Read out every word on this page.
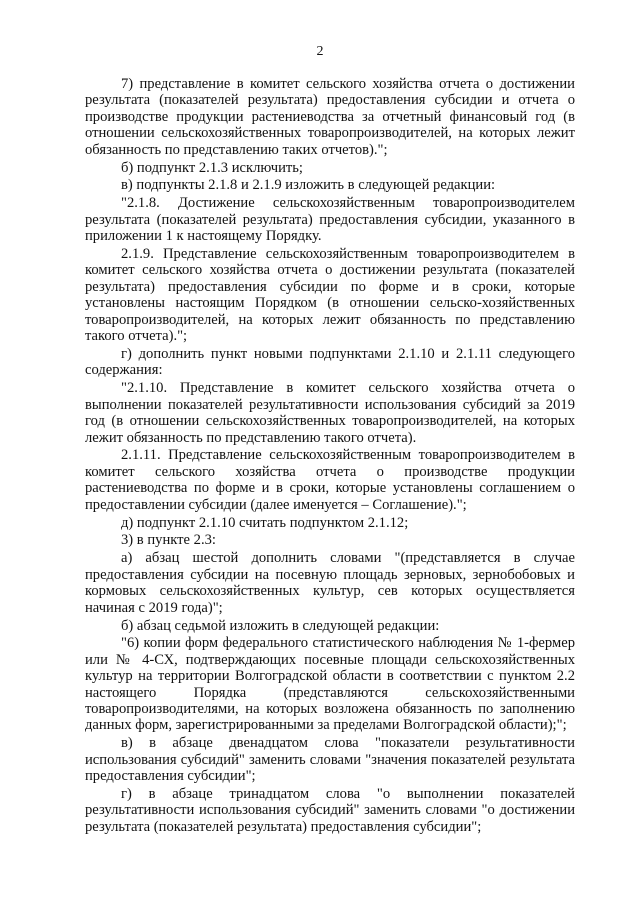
2

7) представление в комитет сельского хозяйства отчета о достижении результата (показателей результата) предоставления субсидии и отчета о производстве продукции растениеводства за отчетный финансовый год (в отношении сельскохозяйственных товаропроизводителей, на которых лежит обязанность по представлению таких отчетов).";

б) подпункт 2.1.3 исключить;

в) подпункты 2.1.8 и 2.1.9 изложить в следующей редакции:

"2.1.8. Достижение сельскохозяйственным товаропроизводителем результата (показателей результата) предоставления субсидии, указанного в приложении 1 к настоящему Порядку.

2.1.9. Представление сельскохозяйственным товаропроизводителем в комитет сельского хозяйства отчета о достижении результата (показателей результата) предоставления субсидии по форме и в сроки, которые установлены настоящим Порядком (в отношении сельско-хозяйственных товаропроизводителей, на которых лежит обязанность по представлению такого отчета).";

г) дополнить пункт новыми подпунктами 2.1.10 и 2.1.11 следующего содержания:

"2.1.10. Представление в комитет сельского хозяйства отчета о выполнении показателей результативности использования субсидий за 2019 год (в отношении сельскохозяйственных товаропроизводителей, на которых лежит обязанность по представлению такого отчета).

2.1.11. Представление сельскохозяйственным товаропроизводителем в комитет сельского хозяйства отчета о производстве продукции растениеводства по форме и в сроки, которые установлены соглашением о предоставлении субсидии (далее именуется – Соглашение).";

д) подпункт 2.1.10 считать подпунктом 2.1.12;

3) в пункте 2.3:

а) абзац шестой дополнить словами "(представляется в случае предоставления субсидии на посевную площадь зерновых, зернобобовых и кормовых сельскохозяйственных культур, сев которых осуществляется начиная с 2019 года)";

б) абзац седьмой изложить в следующей редакции:

"6) копии форм федерального статистического наблюдения № 1-фермер или № 4-СХ, подтверждающих посевные площади сельскохозяйственных культур на территории Волгоградской области в соответствии с пунктом 2.2 настоящего Порядка (представляются сельскохозяйственными товаропроизводителями, на которых возложена обязанность по заполнению данных форм, зарегистрированными за пределами Волгоградской области);";

в) в абзаце двенадцатом слова "показатели результативности использования субсидий" заменить словами "значения показателей результата предоставления субсидии";

г) в абзаце тринадцатом слова "о выполнении показателей результативности использования субсидий" заменить словами "о достижении результата (показателей результата) предоставления субсидии";
